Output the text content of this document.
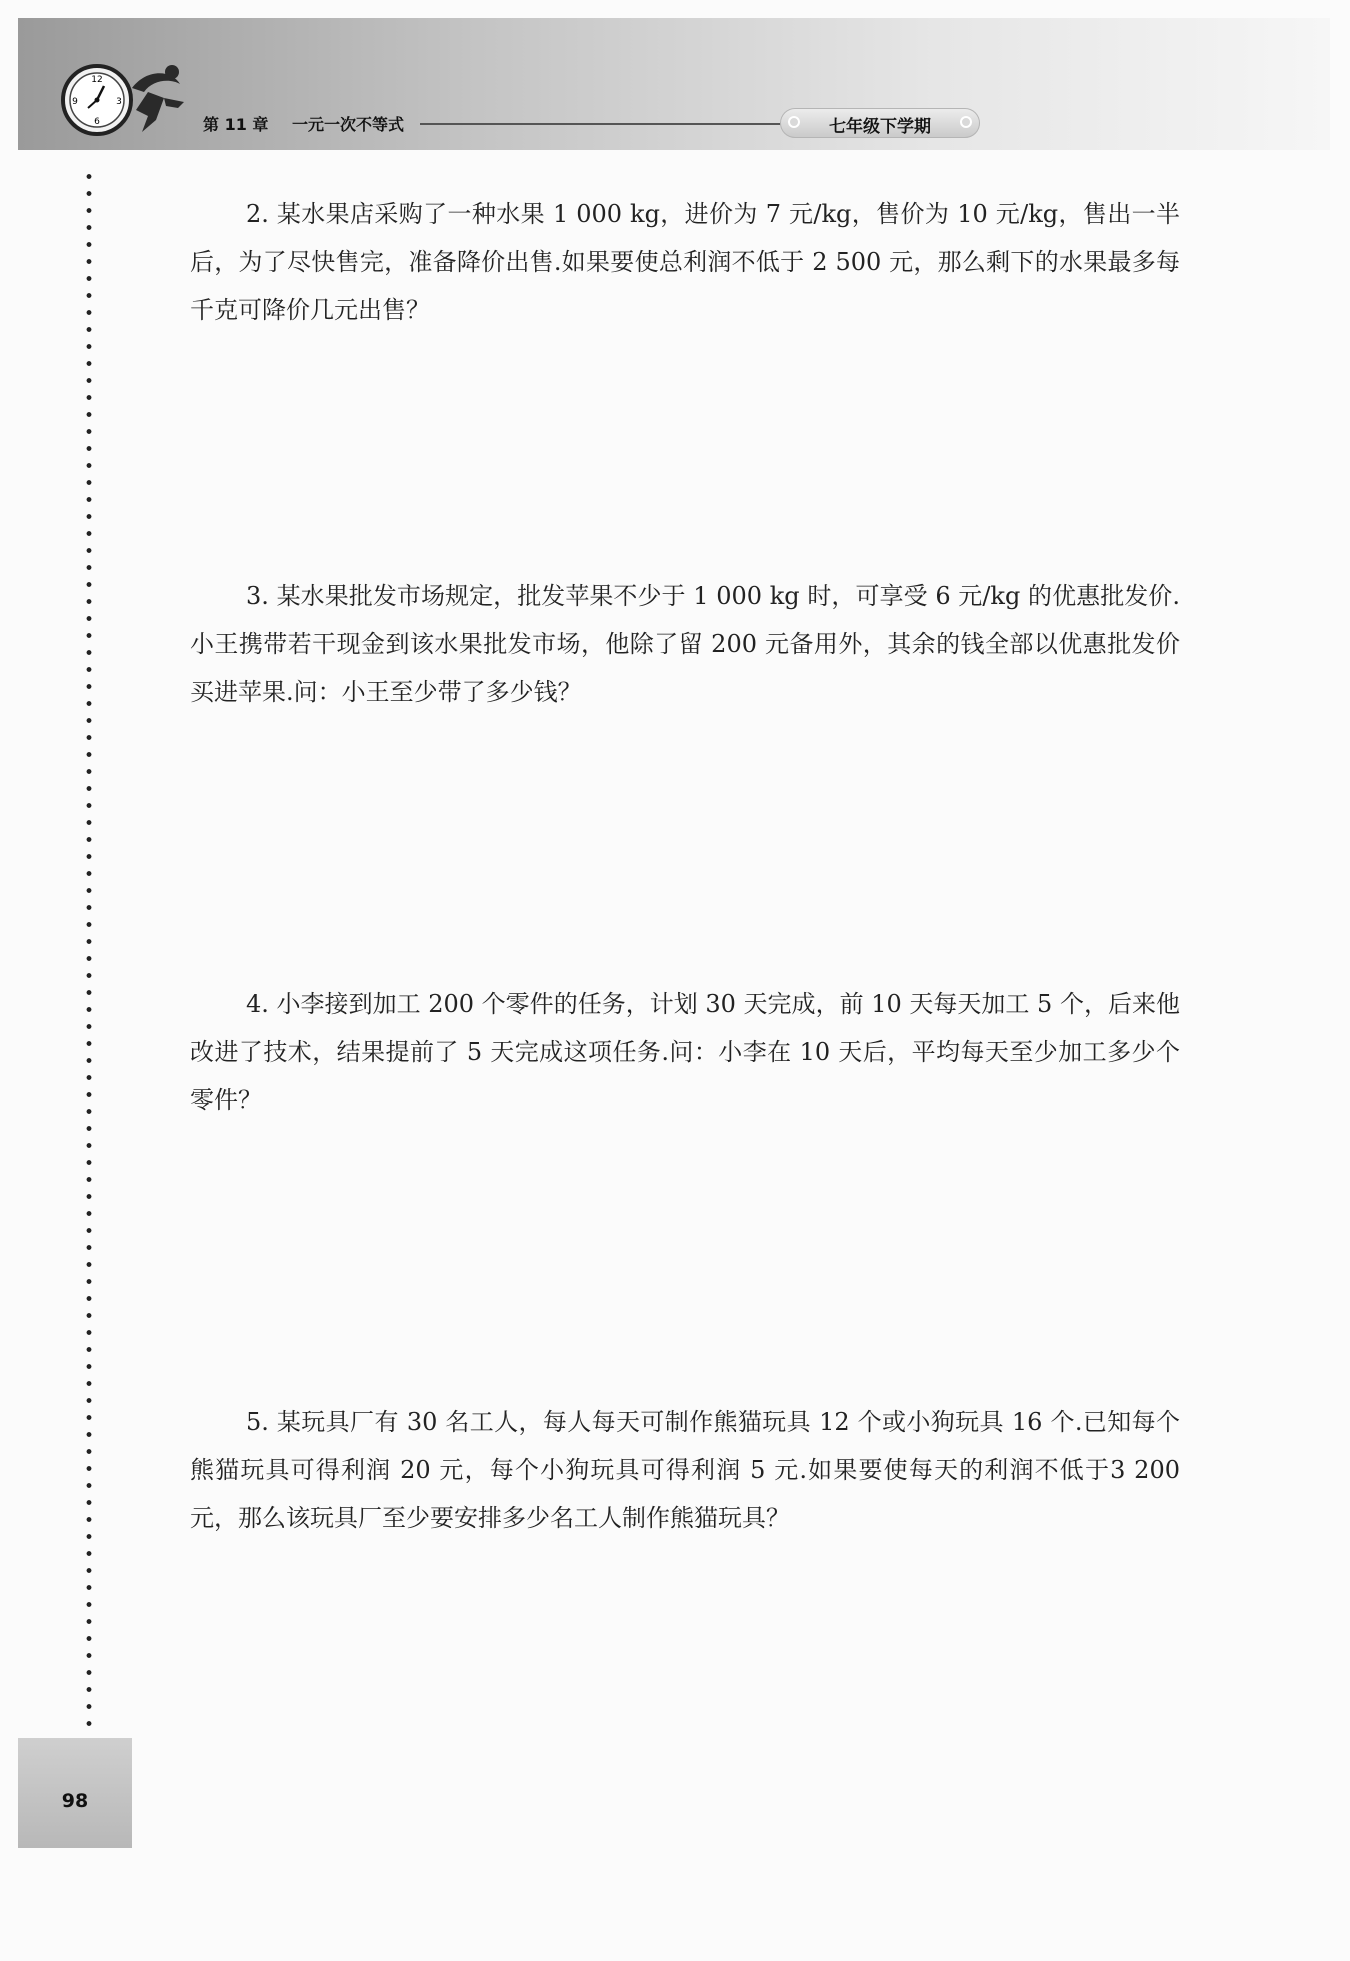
12
3
6
9
第 11 章 一元一次不等式	七年级下学期

2. 某水果店采购了一种水果 1 000 kg，进价为 7 元/kg，售价为 10 元/kg，售出一半后，为了尽快售完，准备降价出售.如果要使总利润不低于 2 500 元，那么剩下的水果最多每千克可降价几元出售？

3. 某水果批发市场规定，批发苹果不少于 1 000 kg 时，可享受 6 元/kg 的优惠批发价.小王携带若干现金到该水果批发市场，他除了留 200 元备用外，其余的钱全部以优惠批发价买进苹果.问：小王至少带了多少钱？

4. 小李接到加工 200 个零件的任务，计划 30 天完成，前 10 天每天加工 5 个，后来他改进了技术，结果提前了 5 天完成这项任务.问：小李在 10 天后，平均每天至少加工多少个零件？

5. 某玩具厂有 30 名工人，每人每天可制作熊猫玩具 12 个或小狗玩具 16 个.已知每个熊猫玩具可得利润 20 元，每个小狗玩具可得利润 5 元.如果要使每天的利润不低于3 200元，那么该玩具厂至少要安排多少名工人制作熊猫玩具？

98
